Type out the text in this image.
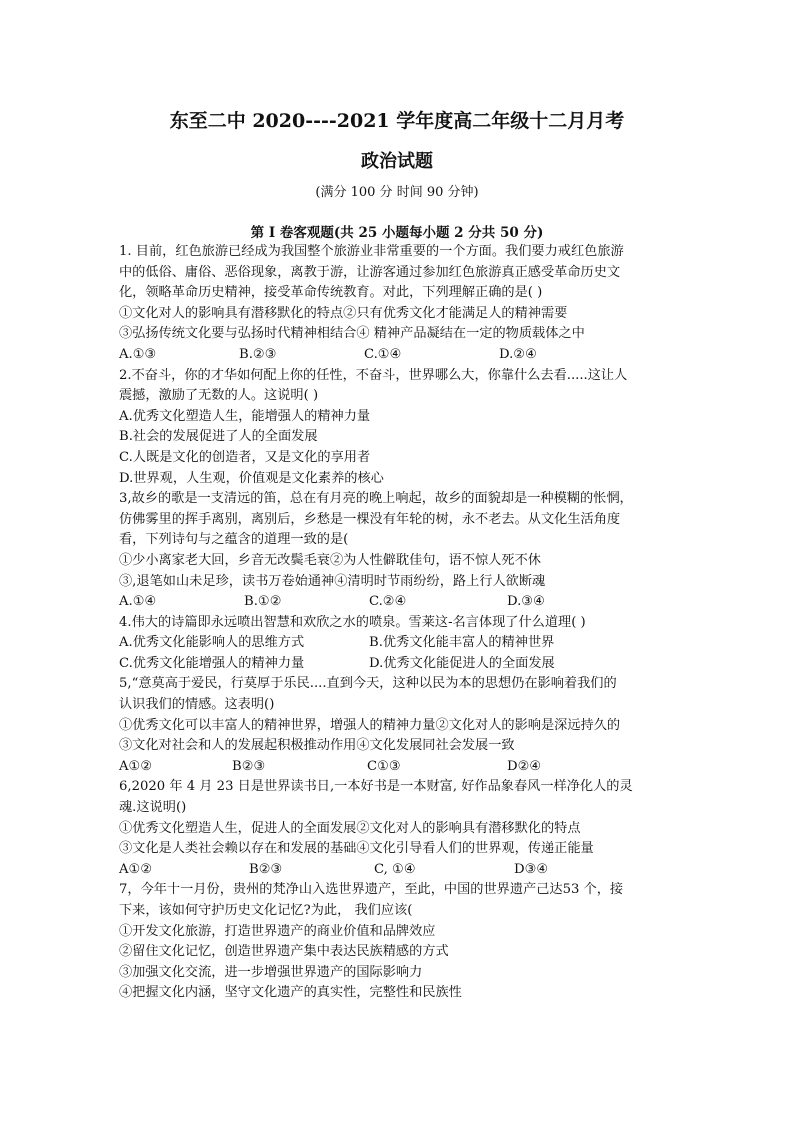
东至二中 2020----2021 学年度高二年级十二月月考
政治试题
(满分 100 分 时间 90 分钟)
第 I 卷客观题(共 25 小题每小题 2 分共 50 分)
1. 目前，红色旅游已经成为我国整个旅游业非常重要的一个方面。我们要力戒红色旅游
中的低俗、庸俗、恶俗现象，离教于游，让游客通过参加红色旅游真正感受革命历史文
化，领略革命历史精神，接受革命传统教育。对此，下列理解正确的是( )
①文化对人的影响具有潜移默化的特点②只有优秀文化才能满足人的精神需要
③弘扬传统文化要与弘扬时代精神相结合④ 精神产品凝结在一定的物质载体之中
A.①③	B.②③	C.①④	D.②④
2.不奋斗，你的才华如何配上你的任性，不奋斗，世界哪么大，你靠什么去看.....这让人
震撼，激励了无数的人。这说明( )
A.优秀文化塑造人生，能增强人的精神力量
B.社会的发展促进了人的全面发展
C.人既是文化的创造者，又是文化的享用者
D.世界观，人生观，价值观是文化素养的核心
3,故乡的歌是一支清远的笛，总在有月亮的晚上响起，故乡的面貌却是一种模糊的怅惘，
仿佛雾里的挥手离别，离别后，乡愁是一棵没有年轮的树，永不老去。从文化生活角度
看，下列诗句与之蕴含的道理一致的是(
①少小离家老大回，乡音无改鬓毛衰②为人性僻耽佳句，语不惊人死不休
③,退笔如山未足珍，读书万卷始通神④清明时节雨纷纷，路上行人欲断魂
A.①④	B.①②	C.②④	D.③④
4.伟大的诗篇即永远喷出智慧和欢欣之水的喷泉。雪莱这-名言体现了什么道理( )
A.优秀文化能影响人的思维方式	B.优秀文化能丰富人的精神世界
C.优秀文化能增强人的精神力量	D.优秀文化能促进人的全面发展
5,“意莫高于爱民，行莫厚于乐民....直到今天，这种以民为本的思想仍在影响着我们的
认识我们的情感。这表明()
①优秀文化可以丰富人的精神世界，增强人的精神力量②文化对人的影响是深远持久的
③文化对社会和人的发展起积极推动作用④文化发展同社会发展一致
A①②	B②③	C①③	D②④
6,2020 年 4 月 23 日是世界读书日,一本好书是一本财富, 好作品象春风一样净化人的灵
魂.这说明()
①优秀文化塑造人生，促进人的全面发展②文化对人的影响具有潜移默化的特点
③文化是人类社会赖以存在和发展的基础④文化引导看人们的世界观，传递正能量
A①②	B②③	C, ①④	D③④
7，今年十一月份，贵州的梵净山入选世界遗产，至此，中国的世界遗产己达53 个，接
下来，该如何守护历史文化记忆?为此， 我们应该(
①开发文化旅游，打造世界遗产的商业价值和品牌效应
②留住文化记忆，创造世界遗产集中表达民族精感的方式
③加强文化交流，进一步增强世界遗产的国际影响力
④把握文化内涵，坚守文化遗产的真实性，完整性和民族性
